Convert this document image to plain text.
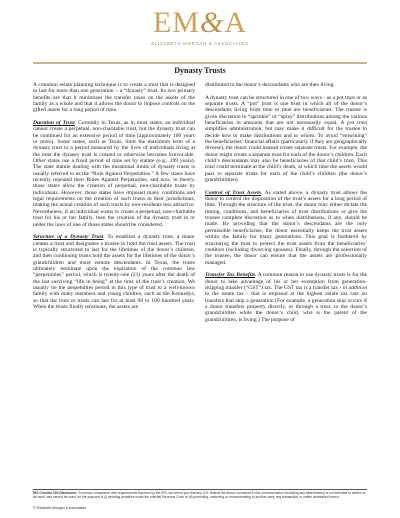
EM&A
ELIZABETH MORGAN & ASSOCIATES
Dynasty Trusts

A common estate planning technique is to create a trust that is designed to last for more than one generation – a “dynasty” trust. Its two primary benefits are that it minimizes the transfer taxes on the assets of the family as a whole and that it allows the donor to impose controls on the gifted assets for a long period of time.

Duration of Trust. Currently in Texas, as in most states, an individual cannot create a perpetual, non-charitable trust, but the dynasty trust can be continued for an extensive period of time (approximately 100 years or more). Some states, such as Texas, limit the maximum term of a dynasty trust to a period measured by the lives of individuals living at the time the dynasty trust is created or otherwise becomes irrevocable. Other states use a fixed period of time set by statute (e.g., 199 years). The state statute dealing with the durational limits of dynasty trusts is usually referred to as the “Rule Against Perpetuities.” A few states have recently repealed their Rules Against Perpetuities, and now, in theory, those states allow the creation of perpetual, non-charitable trusts by individuals. However, those states have imposed many conditions and legal requirements on the creation of such trusts in their jurisdictions, making the actual creation of such trusts by non-residents less attractive. Nevertheless, if an individual wants to create a perpetual, non-charitable trust for his or her family, then the creation of the dynasty trust in or under the laws of one of those states should be considered.

Structure of a Dynasty Trust. To establish a dynasty trust, a donor creates a trust and designates a trustee to hold the trust assets. The trust is typically structured to last for the lifetimes of the donor’s children, and then continuing trusts hold the assets for the lifetimes of the donor’s grandchildren and more remote descendants. In Texas, the trusts ultimately terminate upon the expiration of the common law “perpetuities” period, which is twenty-one (21) years after the death of the last surviving “life in being” at the time of the trust’s creation. We usually tie the perpetuities period in this type of trust to a well-known family with many members and young children, such as the Kennedys, so that the trust or trusts can last for at least 90 to 100 hundred years. When the trusts finally terminate, the assets are

distributed to the donor’s descendants who are then living.

A dynasty trust can be structured in one of two ways - as a pot trust or as separate trusts. A “pot” trust is one trust in which all of the donor’s descendants living from time to time are beneficiaries. The trustee is given discretion to “sprinkle” or “spray” distributions among the various beneficiaries in amounts that are not necessarily equal. A pot trust simplifies administration, but may make it difficult for the trustee to decide how to make distributions and to whom. To avoid “entwining” the beneficiaries’ financial affairs (particularly if they are geographically diverse), the donor could instead create separate trusts. For example, the donor might create a separate trust for each of the donor’s children. Each child’s descendants may also be beneficiaries of that child’s trust. This trust could terminate at the child’s death, at which time the assets would pass to separate trusts for each of the child’s children (the donor’s grandchildren).

Control of Trust Assets. As stated above, a dynasty trust allows the donor to control the disposition of the trust’s assets for a long period of time. Through the structure of the trust, the donor may either dictate the timing, conditions, and beneficiaries of trust distributions or give the trustee complete discretion as to when distributions, if any, should be made. By providing that the donor’s descendants are the only permissible beneficiaries, the donor essentially keeps the trust assets within the family for many generations. This goal is furthered by structuring the trust to protect the trust assets from the beneficiaries’ creditors (including divorcing spouses). Finally, through the selection of the trustee, the donor can ensure that the assets are professionally managed.

Transfer Tax Benefits. A common reason to use dynasty trusts is for the donor to take advantage of his or her exemption from generation-skipping transfer (“GST”) tax. The GST tax is a transfer tax - in addition to the estate tax - that is imposed at the highest estate tax rate on transfers that skip a generation (For example, a generation skip occurs if a donor transfers property directly, or through a trust, to the donor’s grandchildren while the donor’s child, who is the parent of the grandchildren, is living.) The purpose of

IRS Circular 230 Disclosure: To ensure compliance with requirements imposed by the IRS, we inform you that any U.S. federal tax advice contained in this communication (including any attachments) is not intended or written to be used, and cannot be used, for the purpose of (i) avoiding penalties under the Internal Revenue Code or (ii) promoting, marketing or recommending to another party any transaction or matter addressed herein.
© Elizabeth Morgan & Associates
